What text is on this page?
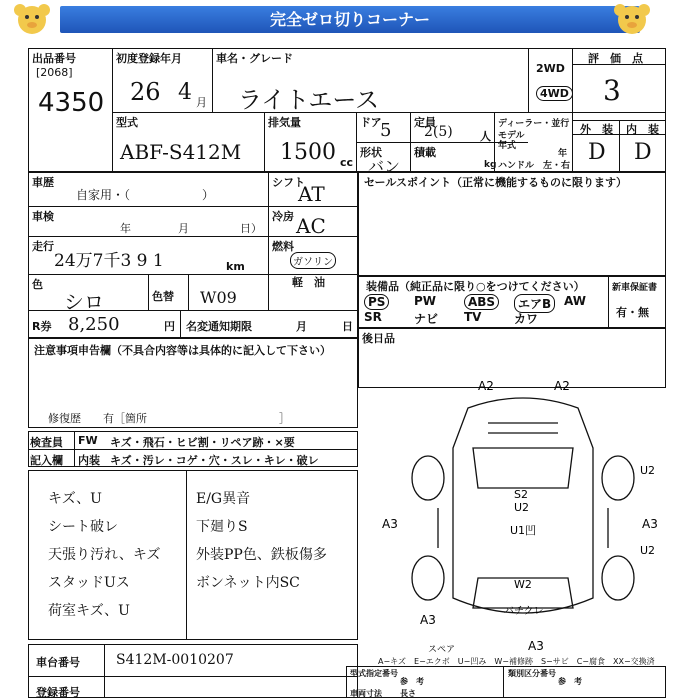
完全ゼロ切りコーナー
出品番号
[2068]
4350
初度登録年月
26 4 月
車名・グレード
ライトエース
2WD
4WD
評　価　点
3
型式
ABF-S412M
排気量
1500 cc
ドア
5
形状
バン
定員
2(5) 人
積載
kg
ディーラー・並行
モデル
年式
年
ハンドル　左・右
外　装 内　装
D D
車歴
自家用・（　　　　　　）
シフト
AT
車検
年	月	日）
冷房 AC
走行
24万7千3 9 1	km
燃料
ガソリン
軽　油
色
シロ	色替 W09
R券 8,250	円 名変通知期限	月	日
セールスポイント（正常に機能するものに限ります）
装備品（純正品に限り○をつけてください）	新車保証書
有・無
PS	PW	ABS	エアB	AW
SR	ナビ TV	カワ
後日品
注意事項申告欄（不具合内容等は具体的に記入して下さい）
修復歴　　有［箇所　　　　　　　　　　　　］
検査員
記入欄
FW キズ・飛石・ヒビ割・リペア跡・×要
内装 キズ・汚レ・コゲ・穴・スレ・キレ・破レ
キズ、U
シート破レ
天張り汚れ、キズ
スタッドUス
荷室キズ、U
E/G異音
下廻りS
外装PP色、鉄板傷多
ボンネット内SC
A2	A2
U2
A3	A3
U2
S2
U2
U1凹
W2
バチクレ
A3
A3
スペア
A−キズ　E−エクボ　U−凹み　W−補修跡　S−サビ　C−腐食　XX−交換済
車台番号	S412M-0010207
登録番号
型式指定番号
参　考
類別区分番号
参　考
車両寸法 長さ
